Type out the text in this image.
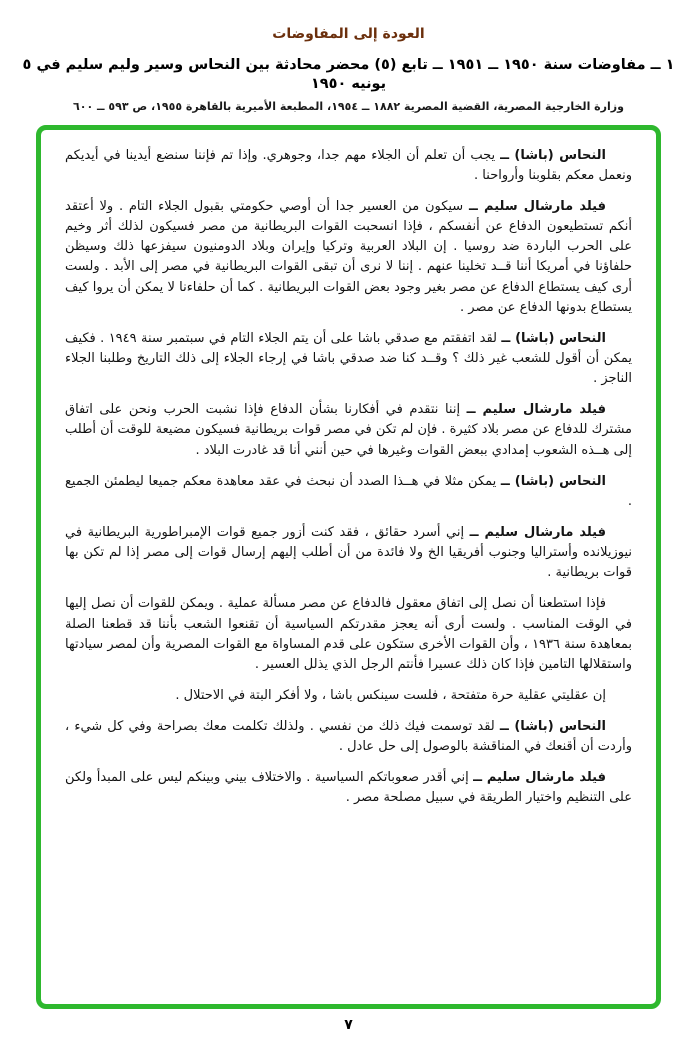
العودة إلى المفاوضات
١ ــ مفاوضات سنة ١٩٥٠ ــ ١٩٥١ ــ تابع (٥) محضر محادثة بين النحاس وسير وليم سليم في ٥ يونيه ١٩٥٠
وزارة الخارجية المصرية، القضية المصرية ١٨٨٢ ــ ١٩٥٤، المطبعة الأميرية بالقاهرة ١٩٥٥، ص ٥٩٣ ــ ٦٠٠

النحاس (باشا) ــ يجب أن تعلم أن الجلاء مهم جدا، وجوهري. وإذا تم فإننا سنضع أيدينا في أيديكم ونعمل معكم بقلوبنا وأرواحنا .

فيلد مارشال سليم ــ سيكون من العسير جدا أن أوصي حكومتي بقبول الجلاء التام . ولا أعتقد أنكم تستطيعون الدفاع عن أنفسكم ، فإذا انسحبت القوات البريطانية من مصر فسيكون لذلك أثر وخيم على الحرب الباردة ضد روسيا . إن البلاد العربية وتركيا وإيران وبلاد الدومنيون سيفزعها ذلك وسيظن حلفاؤنا في أمريكا أننا قــد تخلينا عنهم . إننا لا نرى أن تبقى القوات البريطانية في مصر إلى الأبد . ولست أرى كيف يستطاع الدفاع عن مصر بغير وجود بعض القوات البريطانية . كما أن حلفاءنا لا يمكن أن يروا كيف يستطاع بدونها الدفاع عن مصر .

النحاس (باشا) ــ لقد اتفقتم مع صدقي باشا على أن يتم الجلاء التام في سبتمبر سنة ١٩٤٩ . فكيف يمكن أن أقول للشعب غير ذلك ؟ وقــد كنا ضد صدقي باشا في إرجاء الجلاء إلى ذلك التاريخ وطلبنا الجلاء الناجز .

فيلد مارشال سليم ــ إننا نتقدم في أفكارنا بشأن الدفاع فإذا نشبت الحرب ونحن على اتفاق مشترك للدفاع عن مصر بلاد كثيرة . فإن لم تكن في مصر قوات بريطانية فسيكون مضيعة للوقت أن أطلب إلى هــذه الشعوب إمدادي ببعض القوات وغيرها في حين أنني أنا قد غادرت البلاد .

النحاس (باشا) ــ يمكن مثلا في هــذا الصدد أن نبحث في عقد معاهدة معكم جميعا ليطمئن الجميع .

فيلد مارشال سليم ــ إني أسرد حقائق ، فقد كنت أزور جميع قوات الإمبراطورية البريطانية في نيوزيلانده وأستراليا وجنوب أفريقيا الخ ولا فائدة من أن أطلب إليهم إرسال قوات إلى مصر إذا لم تكن بها قوات بريطانية .

فإذا استطعنا أن نصل إلى اتفاق معقول فالدفاع عن مصر مسألة عملية . ويمكن للقوات أن نصل إليها في الوقت المناسب . ولست أرى أنه يعجز مقدرتكم السياسية أن تقنعوا الشعب بأننا قد قطعنا الصلة بمعاهدة سنة ١٩٣٦ ، وأن القوات الأخرى ستكون على قدم المساواة مع القوات المصرية وأن لمصر سيادتها واستقلالها التامين فإذا كان ذلك عسيرا فأنتم الرجل الذي يذلل العسير .

إن عقليتي عقلية حرة متفتحة ، فلست سينكس باشا ، ولا أفكر البتة في الاحتلال .

النحاس (باشا) ــ لقد توسمت فيك ذلك من نفسي . ولذلك تكلمت معك بصراحة وفي كل شيء ، وأردت أن أقنعك في المناقشة بالوصول إلى حل عادل .

فيلد مارشال سليم ــ إني أقدر صعوباتكم السياسية . والاختلاف بيني وبينكم ليس على المبدأ ولكن على التنظيم واختيار الطريقة في سبيل مصلحة مصر .

٧
